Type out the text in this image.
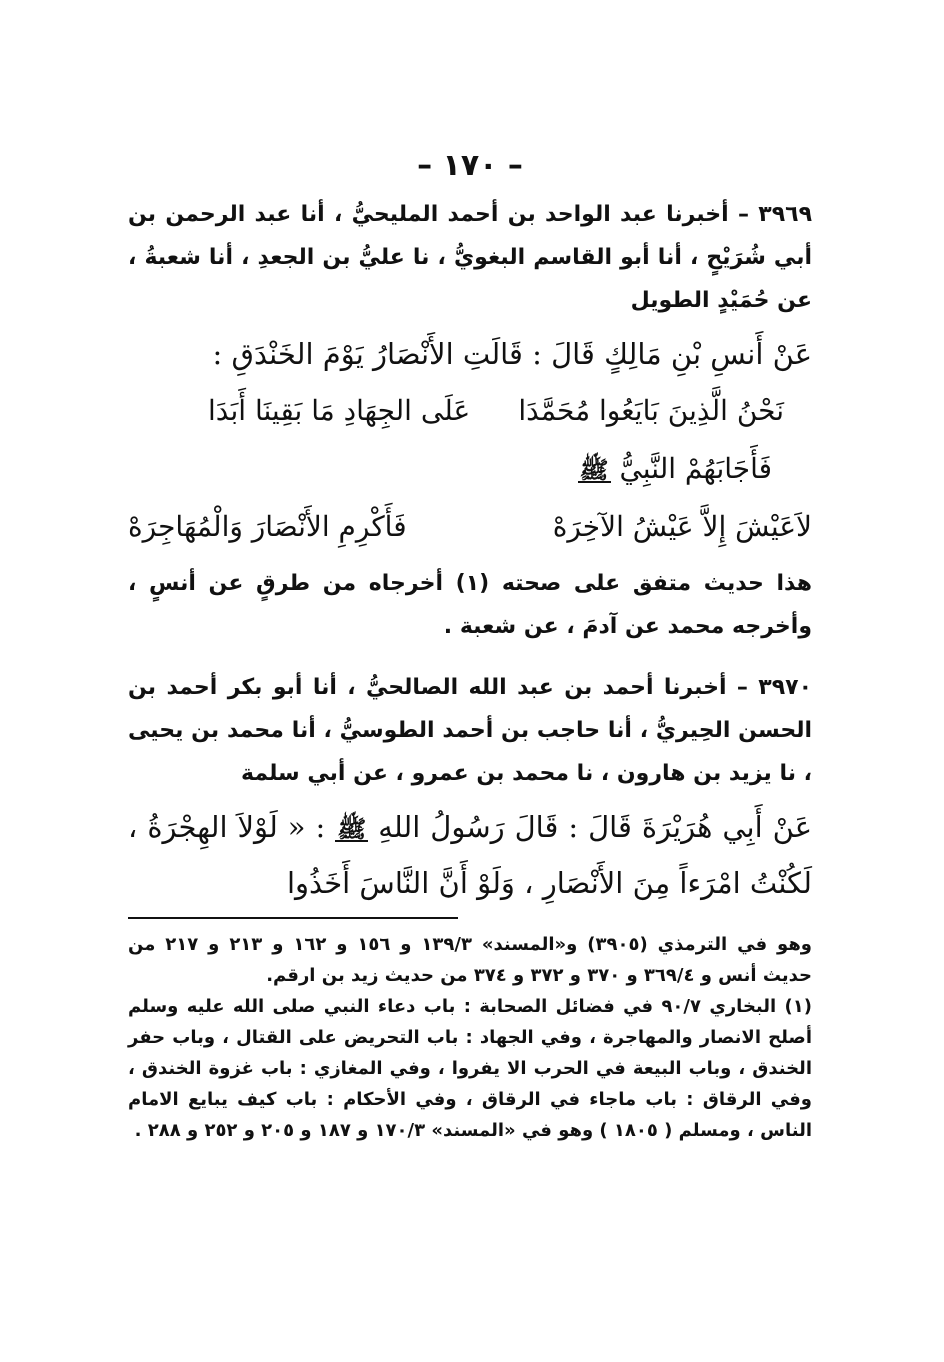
– ١٧٠ –

٣٩٦٩ – أخبرنا عبد الواحد بن أحمد المليحيُّ ، أنا عبد الرحمن بن أبي شُرَيْحٍ ، أنا أبو القاسم البغويُّ ، نا عليُّ بن الجعدِ ، أنا شعبةُ ، عن حُمَيْدٍ الطويل

عَنْ أَنسِ بْنِ مَالِكٍ قَالَ : قَالَتِ الأَنْصَارُ يَوْمَ الخَنْدَقِ :

نَحْنُ الَّذِينَ بَايَعُوا مُحَمَّدَا
عَلَى الجِهَادِ مَا بَقِينَا أَبَدَا

فَأَجَابَهُمْ النَّبِيُّ ﷺ

لاَعَيْشَ إِلاَّ عَيْشُ الآخِرَهْ
فَأَكْرِمِ الأَنْصَارَ وَالْمُهَاجِرَهْ

هذا حديث متفق على صحته (١) أخرجاه من طرقٍ عن أنسٍ ، وأخرجه محمد عن آدمَ ، عن شعبة .

٣٩٧٠ – أخبرنا أحمد بن عبد الله الصالحيُّ ، أنا أبو بكر أحمد بن الحسن الحِيريُّ ، أنا حاجب بن أحمد الطوسيُّ ، أنا محمد بن يحيى ، نا يزيد بن هارون ، نا محمد بن عمرو ، عن أبي سلمة

عَنْ أَبِي هُرَيْرَةَ قَالَ : قَالَ رَسُولُ اللهِ ﷺ : « لَوْلاَ الهِجْرَةُ ، لَكُنْتُ امْرَءاً مِنَ الأَنْصَارِ ، وَلَوْ أَنَّ النَّاسَ أَخَذُوا

وهو في الترمذي (٣٩٠٥) و«المسند» ١٣٩/٣ و ١٥٦ و ١٦٢ و ٢١٣ و ٢١٧ من حديث أنس و ٣٦٩/٤ و ٣٧٠ و ٣٧٢ و ٣٧٤ من حديث زيد بن ارقم.

(١) البخاري ٩٠/٧ في فضائل الصحابة : باب دعاء النبي صلى الله عليه وسلم أصلح الانصار والمهاجرة ، وفي الجهاد : باب التحريض على القتال ، وباب حفر الخندق ، وباب البيعة في الحرب الا يفروا ، وفي المغازي : باب غزوة الخندق ، وفي الرقاق : باب ماجاء في الرقاق ، وفي الأحكام : باب كيف يبايع الامام الناس ، ومسلم ( ١٨٠٥ ) وهو في «المسند» ١٧٠/٣ و ١٨٧ و ٢٠٥ و ٢٥٢ و ٢٨٨ .
